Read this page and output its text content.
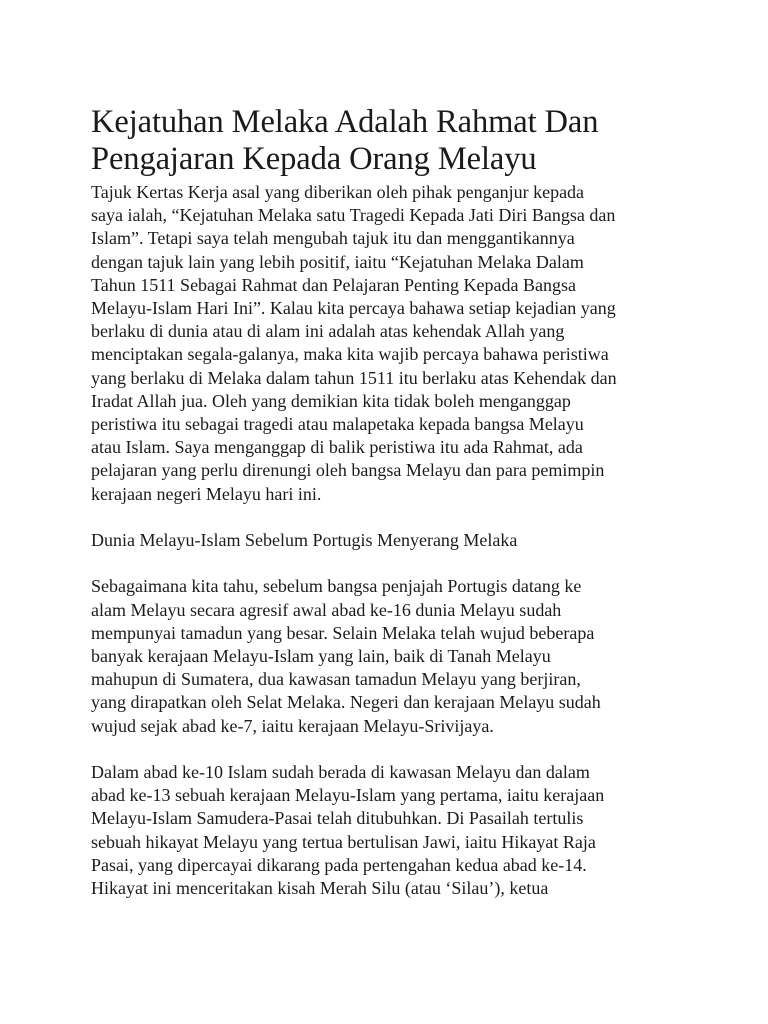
Kejatuhan Melaka Adalah Rahmat Dan
Pengajaran Kepada Orang Melayu

Tajuk Kertas Kerja asal yang diberikan oleh pihak penganjur kepada
saya ialah, “Kejatuhan Melaka satu Tragedi Kepada Jati Diri Bangsa dan
Islam”. Tetapi saya telah mengubah tajuk itu dan menggantikannya
dengan tajuk lain yang lebih positif, iaitu “Kejatuhan Melaka Dalam
Tahun 1511 Sebagai Rahmat dan Pelajaran Penting Kepada Bangsa
Melayu-Islam Hari Ini”. Kalau kita percaya bahawa setiap kejadian yang
berlaku di dunia atau di alam ini adalah atas kehendak Allah yang
menciptakan segala-galanya, maka kita wajib percaya bahawa peristiwa
yang berlaku di Melaka dalam tahun 1511 itu berlaku atas Kehendak dan
Iradat Allah jua. Oleh yang demikian kita tidak boleh menganggap
peristiwa itu sebagai tragedi atau malapetaka kepada bangsa Melayu
atau Islam. Saya menganggap di balik peristiwa itu ada Rahmat, ada
pelajaran yang perlu direnungi oleh bangsa Melayu dan para pemimpin
kerajaan negeri Melayu hari ini.

Dunia Melayu-Islam Sebelum Portugis Menyerang Melaka

Sebagaimana kita tahu, sebelum bangsa penjajah Portugis datang ke
alam Melayu secara agresif awal abad ke-16 dunia Melayu sudah
mempunyai tamadun yang besar. Selain Melaka telah wujud beberapa
banyak kerajaan Melayu-Islam yang lain, baik di Tanah Melayu
mahupun di Sumatera, dua kawasan tamadun Melayu yang berjiran,
yang dirapatkan oleh Selat Melaka. Negeri dan kerajaan Melayu sudah
wujud sejak abad ke-7, iaitu kerajaan Melayu-Srivijaya.

Dalam abad ke-10 Islam sudah berada di kawasan Melayu dan dalam
abad ke-13 sebuah kerajaan Melayu-Islam yang pertama, iaitu kerajaan
Melayu-Islam Samudera-Pasai telah ditubuhkan. Di Pasailah tertulis
sebuah hikayat Melayu yang tertua bertulisan Jawi, iaitu Hikayat Raja
Pasai, yang dipercayai dikarang pada pertengahan kedua abad ke-14.
Hikayat ini menceritakan kisah Merah Silu (atau ‘Silau’), ketua
